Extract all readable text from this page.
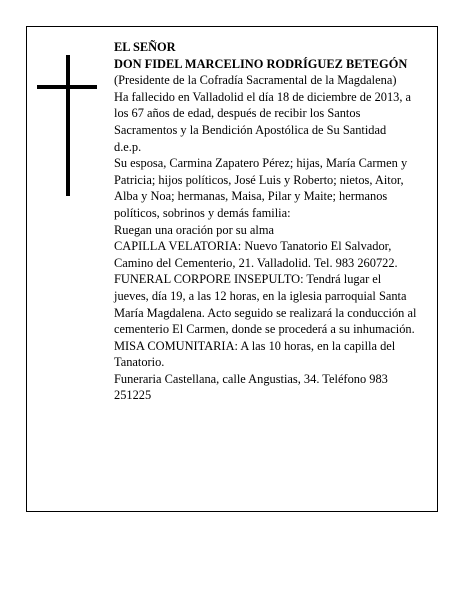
EL SEÑOR

DON FIDEL MARCELINO RODRÍGUEZ BETEGÓN

(Presidente de la Cofradía Sacramental de la Magdalena)

Ha fallecido en Valladolid el día 18 de diciembre de 2013, a los 67 años de edad, después de recibir los Santos Sacramentos y la Bendición Apostólica de Su Santidad

d.e.p.

Su esposa, Carmina Zapatero Pérez; hijas, María Carmen y Patricia; hijos políticos, José Luis y Roberto; nietos, Aitor, Alba y Noa; hermanas, Maisa, Pilar y Maite; hermanos políticos, sobrinos y demás familia:

Ruegan una oración por su alma

CAPILLA VELATORIA: Nuevo Tanatorio El Salvador, Camino del Cementerio, 21. Valladolid. Tel. 983 260722.

FUNERAL CORPORE INSEPULTO: Tendrá lugar el jueves, día 19, a las 12 horas, en la iglesia parroquial Santa María Magdalena. Acto seguido se realizará la conducción al cementerio El Carmen, donde se procederá a su inhumación.

MISA COMUNITARIA: A las 10 horas, en la capilla del Tanatorio.

Funeraria Castellana, calle Angustias, 34. Teléfono 983 251225
